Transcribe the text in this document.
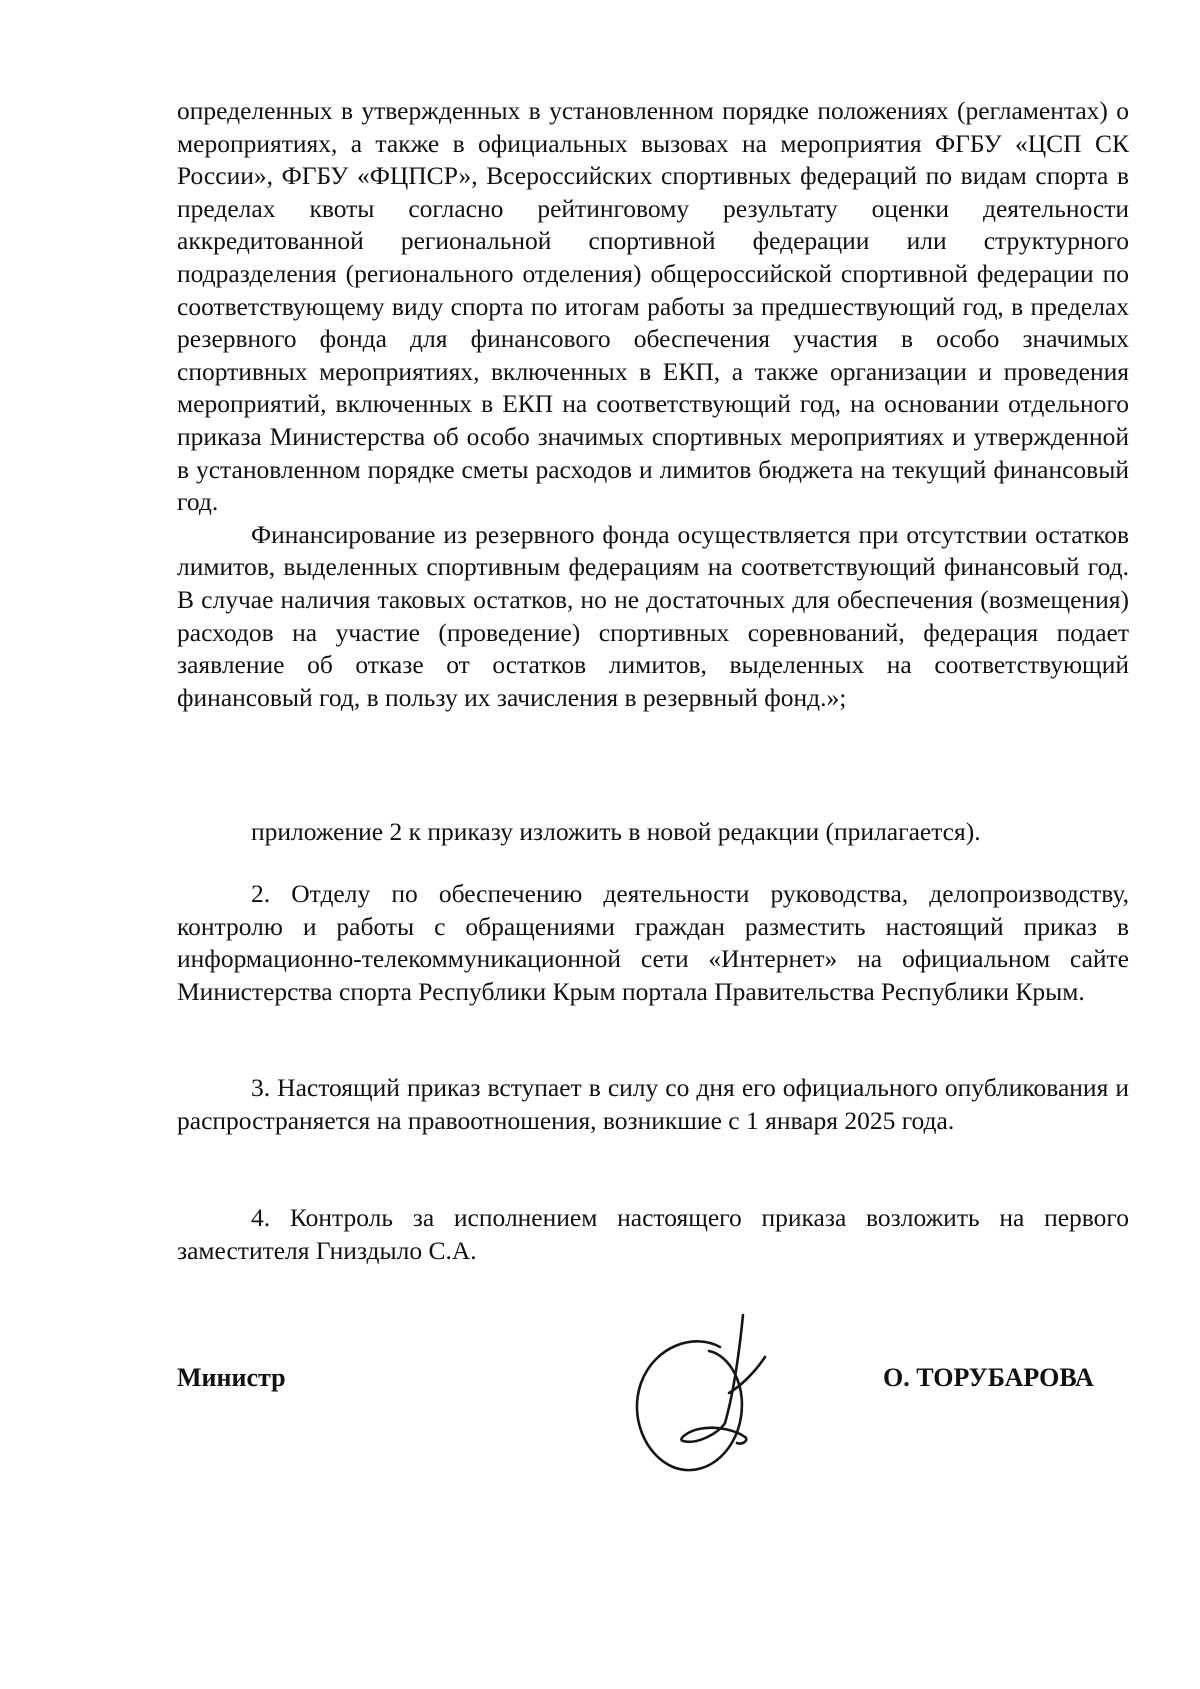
определенных в утвержденных в установленном порядке положениях (регламентах) о мероприятиях, а также в официальных вызовах на мероприятия ФГБУ «ЦСП СК России», ФГБУ «ФЦПСР», Всероссийских спортивных федераций по видам спорта в пределах квоты согласно рейтинговому результату оценки деятельности аккредитованной региональной спортивной федерации или структурного подразделения (регионального отделения) общероссийской спортивной федерации по соответствующему виду спорта по итогам работы за предшествующий год, в пределах резервного фонда для финансового обеспечения участия в особо значимых спортивных мероприятиях, включенных в ЕКП, а также организации и проведения мероприятий, включенных в ЕКП на соответствующий год, на основании отдельного приказа Министерства об особо значимых спортивных мероприятиях и утвержденной в установленном порядке сметы расходов и лимитов бюджета на текущий финансовый год.

Финансирование из резервного фонда осуществляется при отсутствии остатков лимитов, выделенных спортивным федерациям на соответствующий финансовый год. В случае наличия таковых остатков, но не достаточных для обеспечения (возмещения) расходов на участие (проведение) спортивных соревнований, федерация подает заявление об отказе от остатков лимитов, выделенных на соответствующий финансовый год, в пользу их зачисления в резервный фонд.»;

приложение 2 к приказу изложить в новой редакции (прилагается).

2. Отделу по обеспечению деятельности руководства, делопроизводству, контролю и работы с обращениями граждан разместить настоящий приказ в информационно-телекоммуникационной сети «Интернет» на официальном сайте Министерства спорта Республики Крым портала Правительства Республики Крым.

3. Настоящий приказ вступает в силу со дня его официального опубликования и распространяется на правоотношения, возникшие с 1 января 2025 года.

4. Контроль за исполнением настоящего приказа возложить на первого заместителя Гниздыло С.А.

Министр	О. ТОРУБАРОВА
